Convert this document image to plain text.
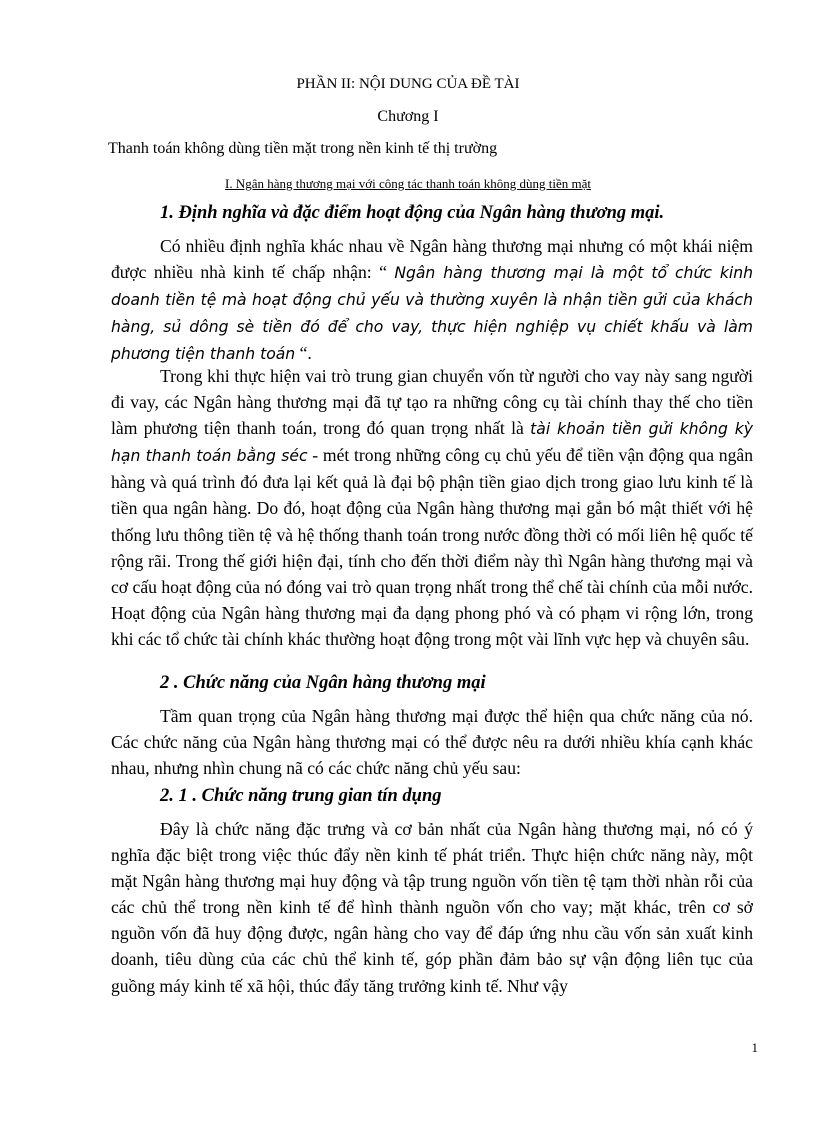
PHẦN II: NỘI DUNG CỦA ĐỀ TÀI
Chương I
Thanh toán không dùng tiền mặt trong nền kinh tế thị trường
I. Ngân hàng thương mại với công tác thanh toán không dùng tiền mặt
1. Định nghĩa và đặc điểm hoạt động của Ngân hàng thương mại.

Có nhiều định nghĩa khác nhau về Ngân hàng thương mại nhưng có một khái niệm được nhiều nhà kinh tế chấp nhận: “ Ngân hàng thương mại là một tổ chức kinh doanh tiền tệ mà hoạt động chủ yếu và thường xuyên là nhận tiền gửi của khách hàng, sủ dông sè tiền đó để cho vay, thực hiện nghiệp vụ chiết khấu và làm phương tiện thanh toán “.

Trong khi thực hiện vai trò trung gian chuyển vốn từ người cho vay này sang người đi vay, các Ngân hàng thương mại đã tự tạo ra những công cụ tài chính thay thế cho tiền làm phương tiện thanh toán, trong đó quan trọng nhất là tài khoản tiền gửi không kỳ hạn thanh toán bằng séc - mét trong những công cụ chủ yếu để tiền vận động qua ngân hàng và quá trình đó đưa lại kết quả là đại bộ phận tiền giao dịch trong giao lưu kinh tế là tiền qua ngân hàng. Do đó, hoạt động của Ngân hàng thương mại gắn bó mật thiết với hệ thống lưu thông tiền tệ và hệ thống thanh toán trong nước đồng thời có mối liên hệ quốc tế rộng rãi. Trong thế giới hiện đại, tính cho đến thời điểm này thì Ngân hàng thương mại và cơ cấu hoạt động của nó đóng vai trò quan trọng nhất trong thể chế tài chính của mỗi nước. Hoạt động của Ngân hàng thương mại đa dạng phong phó và có phạm vi rộng lớn, trong khi các tổ chức tài chính khác thường hoạt động trong một vài lĩnh vực hẹp và chuyên sâu.

2 . Chức năng của Ngân hàng thương mại

Tầm quan trọng của Ngân hàng thương mại được thể hiện qua chức năng của nó. Các chức năng của Ngân hàng thương mại có thể được nêu ra dưới nhiều khía cạnh khác nhau, nhưng nhìn chung nã có các chức năng chủ yếu sau:

2. 1 . Chức năng trung gian tín dụng

Đây là chức năng đặc trưng và cơ bản nhất của Ngân hàng thương mại, nó có ý nghĩa đặc biệt trong việc thúc đẩy nền kinh tế phát triển. Thực hiện chức năng này, một mặt Ngân hàng thương mại huy động và tập trung nguồn vốn tiền tệ tạm thời nhàn rỗi của các chủ thể trong nền kinh tế để hình thành nguồn vốn cho vay; mặt khác, trên cơ sở nguồn vốn đã huy động được, ngân hàng cho vay để đáp ứng nhu cầu vốn sản xuất kinh doanh, tiêu dùng của các chủ thể kinh tế, góp phần đảm bảo sự vận động liên tục của guồng máy kinh tế xã hội, thúc đẩy tăng trưởng kinh tế. Như vậy

1
